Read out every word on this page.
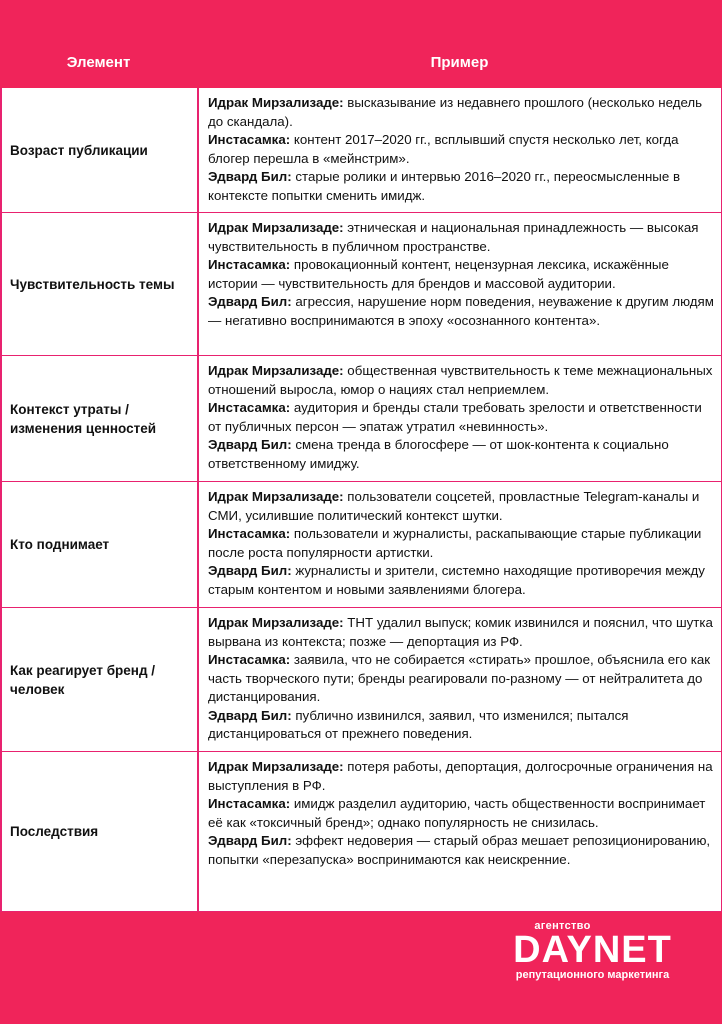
Элемент	Пример
Возраст публикации

Идрак Мирзализаде: высказывание из недавнего прошлого (несколько недель до скандала).

Инстасамка: контент 2017–2020 гг., всплывший спустя несколько лет, когда блогер перешла в «мейнстрим».

Эдвард Бил: старые ролики и интервью 2016–2020 гг., переосмысленные в контексте попытки сменить имидж.

Чувствительность темы

Идрак Мирзализаде: этническая и национальная принадлежность — высокая чувствительность в публичном пространстве.

Инстасамка: провокационный контент, нецензурная лексика, искажённые истории — чувствительность для брендов и массовой аудитории.

Эдвард Бил: агрессия, нарушение норм поведения, неуважение к другим людям — негативно воспринимаются в эпоху «осознанного контента».

Контекст утраты / изменения ценностей

Идрак Мирзализаде: общественная чувствительность к теме межнациональных отношений выросла, юмор о нациях стал неприемлем.

Инстасамка: аудитория и бренды стали требовать зрелости и ответственности от публичных персон — эпатаж утратил «невинность».

Эдвард Бил: смена тренда в блогосфере — от шок-контента к социально ответственному имиджу.

Кто поднимает

Идрак Мирзализаде: пользователи соцсетей, провластные Telegram-каналы и СМИ, усилившие политический контекст шутки.

Инстасамка: пользователи и журналисты, раскапывающие старые публикации после роста популярности артистки.

Эдвард Бил: журналисты и зрители, системно находящие противоречия между старым контентом и новыми заявлениями блогера.

Как реагирует бренд / человек

Идрак Мирзализаде: ТНТ удалил выпуск; комик извинился и пояснил, что шутка вырвана из контекста; позже — депортация из РФ.

Инстасамка: заявила, что не собирается «стирать» прошлое, объяснила его как часть творческого пути; бренды реагировали по-разному — от нейтралитета до дистанцирования.

Эдвард Бил: публично извинился, заявил, что изменился; пытался дистанцироваться от прежнего поведения.

Последствия

Идрак Мирзализаде: потеря работы, депортация, долгосрочные ограничения на выступления в РФ.

Инстасамка: имидж разделил аудиторию, часть общественности воспринимает её как «токсичный бренд»; однако популярность не снизилась.

Эдвард Бил: эффект недоверия — старый образ мешает репозиционированию, попытки «перезапуска» воспринимаются как неискренние.

агентство
DAYNET
репутационного маркетинга
